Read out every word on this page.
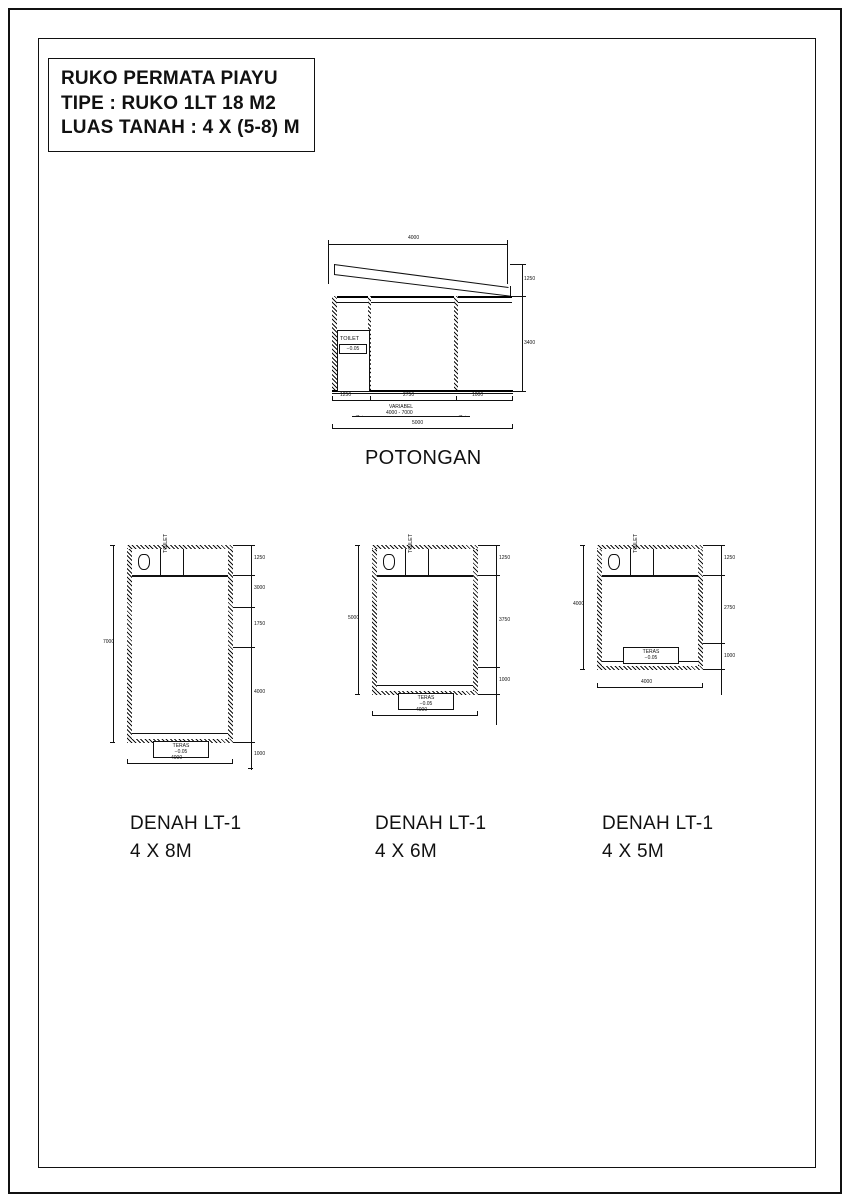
RUKO PERMATA PIAYU
TIPE : RUKO 1LT 18 M2
LUAS TANAH : 4 X (5-8) M
4000
TOILET
−0.05
1250
3400
1250	2750	1000
VARIABEL
4000 - 7000
〜	〜
5000
POTONGAN
TOILET
TERAS
−0.05
7000
1250
3000
1750
4000
1000
4000
DENAH LT-1
4 X 8M
TOILET
TERAS
−0.05
5000
1250
3750
1000
4000
DENAH LT-1
4 X 6M
TOILET
TERAS
−0.05
4000
1250
2750
1000
4000
DENAH LT-1
4 X 5M
